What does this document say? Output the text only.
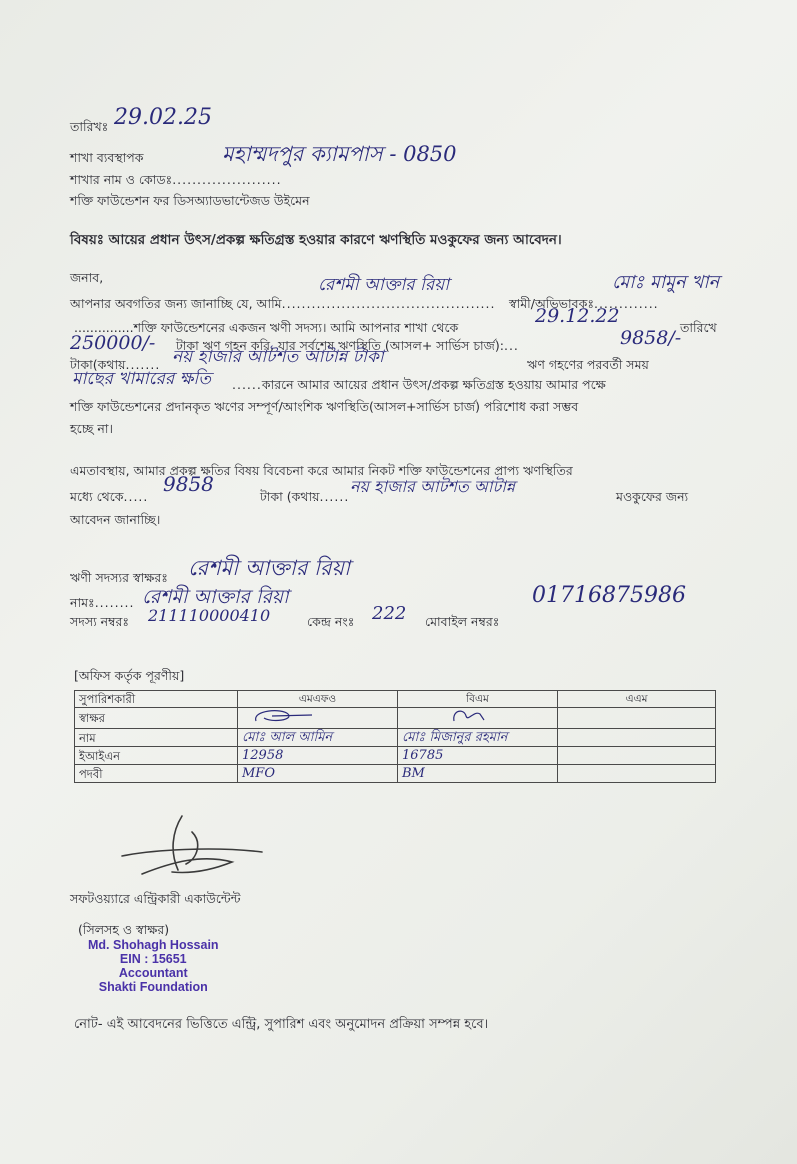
তারিখঃ 29.02.25
শাখা ব্যবস্থাপক	মহাম্মদপুর ক্যামপাস - 0850
শাখার নাম ও কোডঃ......................
শক্তি ফাউন্ডেশন ফর ডিসঅ্যাডভান্টেজড উইমেন
বিষয়ঃ আয়ের প্রধান উৎস/প্রকল্প ক্ষতিগ্রস্ত হওয়ার কারণে ঋণস্থিতি মওকুফের জন্য আবেদন।
জনাব,
আপনার অবগতির জন্য জানাচ্ছি যে, আমি...........................................
রেশমী আক্তার রিয়া
স্বামী/অভিভাবকঃ.............
মোঃ মামুন খান
...............শক্তি ফাউন্ডেশনের একজন ঋণী সদস্য। আমি আপনার শাখা থেকে
29.12.22
তারিখে
250000/- টাকা ঋণ গহন করি, যার সর্বশেষ ঋণস্থিতি (আসল+ সার্ভিস চার্জ):...	9858/-
টাকা(কথায়....... নয় হাজার আটশত আটান্ন টাকা	ঋণ গহণের পরবর্তী সময়
মাছের খামারের ক্ষতি ......কারনে আমার আয়ের প্রধান উৎস/প্রকল্প ক্ষতিগ্রস্ত হওয়ায় আমার পক্ষে
শক্তি ফাউন্ডেশনের প্রদানকৃত ঋণের সম্পূর্ণ/আংশিক ঋণস্থিতি(আসল+সার্ভিস চার্জ) পরিশোধ করা সম্ভব
হচ্ছে না।
এমতাবস্থায়, আমার প্রকল্প ক্ষতির বিষয় বিবেচনা করে আমার নিকট শক্তি ফাউন্ডেশনের প্রাপ্য ঋণস্থিতির
মধ্যে থেকে.....
9858
টাকা (কথায়......
নয় হাজার আটশত আটান্ন
মওকুফের জন্য
আবেদন জানাচ্ছি।
ঋণী সদস্যর স্বাক্ষরঃ রেশমী আক্তার রিয়া
নামঃ........ রেশমী আক্তার রিয়া
সদস্য নম্বরঃ 211110000410	কেন্দ্র নংঃ 222 মোবাইল নম্বরঃ
01716875986
[অফিস কর্তৃক পূরণীয়]
সুপারিশকারী	এমএফও	বিএম	এএম
স্বাক্ষর			
নাম	মোঃ আল আমিন	মোঃ মিজানুর রহমান	
ইআইএন	12958	16785	
পদবী	MFO	BM	
সফটওয়্যারে এন্ট্রিকারী একাউন্টেন্ট
(সিলসহ ও স্বাক্ষর)
Md. Shohagh Hossain
EIN : 15651
Accountant
Shakti Foundation
নোট- এই আবেদনের ভিত্তিতে এন্ট্রি, সুপারিশ এবং অনুমোদন প্রক্রিয়া সম্পন্ন হবে।
